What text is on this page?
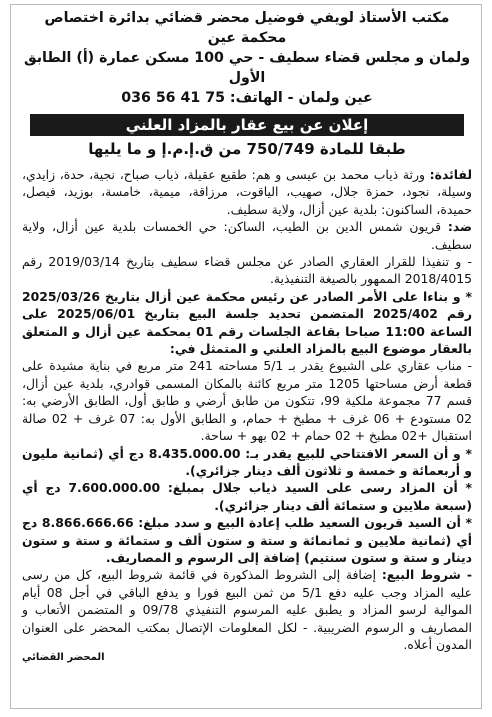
مكتب الأستاذ لويفي فوضيل محضر قضائي بدائرة اختصاص محكمة عين
ولمان و مجلس قضاء سطيف - حي 100 مسكن عمارة (أ) الطابق الأول
عين ولمان - الهاتف: 75 41 56 036
إعلان عن بيع عقار بالمزاد العلني
طبقا للمادة 750/749 من ق.إ.م.إ و ما يليها

لفائدة: ورثة ذياب محمد بن عيسى و هم: طقيع عقيلة، ذياب صباح، نجية، حدة، زايدي، وسيلة، نجود، حمزة جلال، صهيب، الياقوت، مرزاقة، ميمية، خامسة، بوزيد، فيصل، حميدة، الساكنون: بلدية عين أزال، ولاية سطيف.

ضد: قريون شمس الدين بن الطيب، الساكن: حي الخمسات بلدية عين أزال، ولاية سطيف.

- و تنفيذا للقرار العقاري الصادر عن مجلس قضاء سطيف بتاريخ 2019/03/14 رقم 2018/4015 الممهور بالصيغة التنفيذية.

* و بناءا على الأمر الصادر عن رئيس محكمة عين أزال بتاريخ 2025/03/26 رقم 2025/402 المتضمن تحديد جلسة البيع بتاريخ 2025/06/01 على الساعة 11:00 صباحا بقاعة الجلسات رقم 01 بمحكمة عين أزال و المتعلق بالعقار موضوع البيع بالمزاد العلني و المتمثل في:

- مناب عقاري على الشيوع يقدر بـ 5/1 مساحته 241 متر مربع في بناية مشيدة على قطعة أرض مساحتها 1205 متر مربع كائنة بالمكان المسمى قوادري، بلدية عين أزال، قسم 77 مجموعة ملكية 99، تتكون من طابق أرضي و طابق أول، الطابق الأرضي به: 02 مستودع + 06 غرف + مطبخ + حمام، و الطابق الأول به: 07 غرف + 02 صالة استقبال +02 مطبخ + 02 حمام + 02 بهو + ساحة.

* و أن السعر الافتتاحي للبيع يقدر بـ: 8.435.000.00 دج أي (ثمانية مليون و أربعمائة و خمسة و ثلاثون ألف دينار جزائري).

* أن المزاد رسى على السيد ذياب جلال بمبلغ: 7.600.000.00 دج أي (سبعة ملايين و ستمائة ألف دينار جزائري).

* أن السيد قريون السعيد طلب إعادة البيع و سدد مبلغ: 8.866.666.66 دج أي (ثمانية ملايين و ثمانمائة و ستة و ستون ألف و ستمائة و ستة و ستون دينار و ستة و ستون سنتيم) إضافة إلى الرسوم و المصاريف.

- شروط البيع: إضافة إلى الشروط المذكورة في قائمة شروط البيع، كل من رسى عليه المزاد وجب عليه دفع 5/1 من ثمن البيع فورا و يدفع الباقي في أجل 08 أيام الموالية لرسو المزاد و يطبق عليه المرسوم التنفيذي 09/78 و المتضمن الأتعاب و المصاريف و الرسوم الضريبية. - لكل المعلومات الإتصال بمكتب المحضر على العنوان المدون أعلاه.

المحضر القضائي
